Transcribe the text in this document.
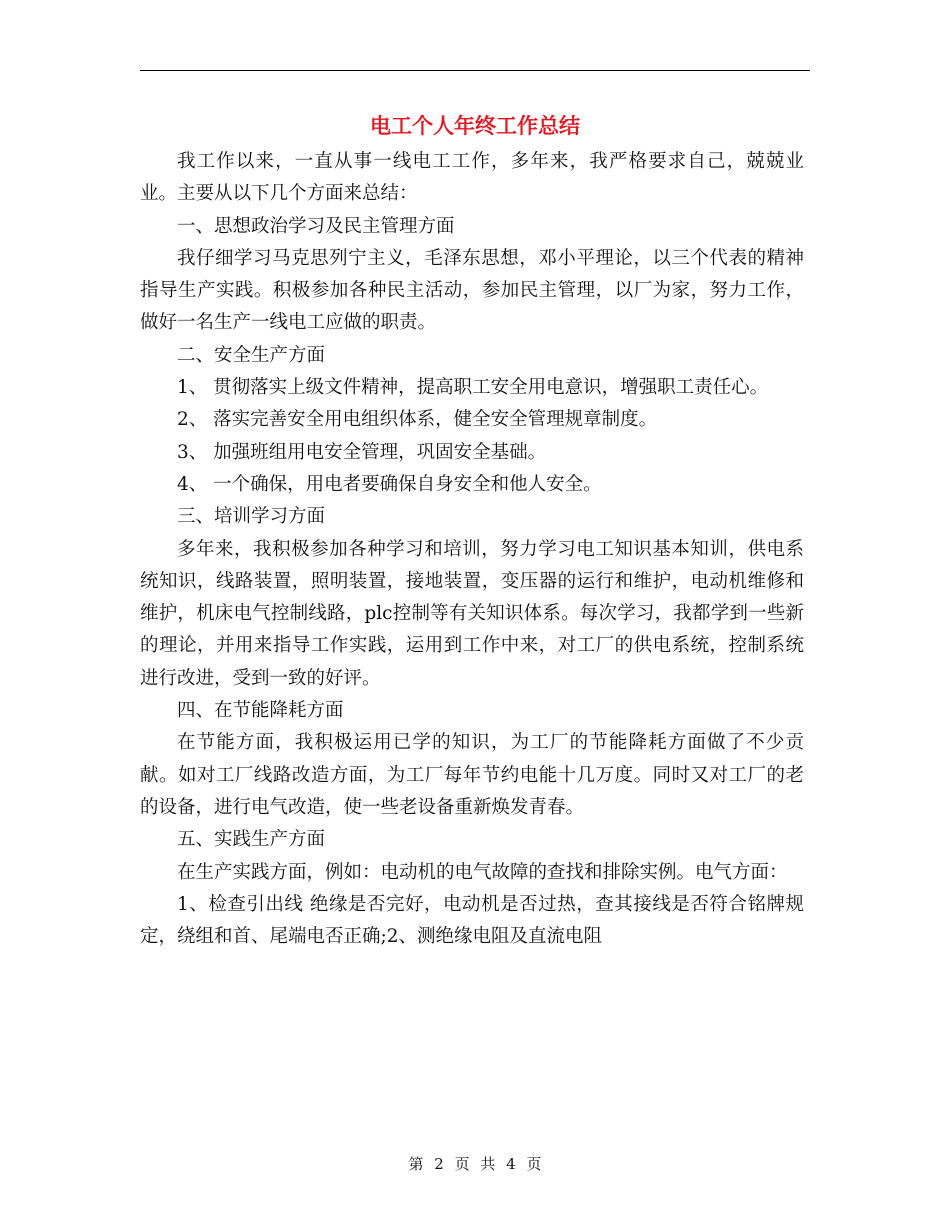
电工个人年终工作总结

我工作以来，一直从事一线电工工作，多年来，我严格要求自己，兢兢业业。主要从以下几个方面来总结：

一、思想政治学习及民主管理方面

我仔细学习马克思列宁主义，毛泽东思想，邓小平理论，以三个代表的精神指导生产实践。积极参加各种民主活动，参加民主管理，以厂为家，努力工作，做好一名生产一线电工应做的职责。

二、安全生产方面

1、 贯彻落实上级文件精神，提高职工安全用电意识，增强职工责任心。

2、 落实完善安全用电组织体系，健全安全管理规章制度。

3、 加强班组用电安全管理，巩固安全基础。

4、 一个确保，用电者要确保自身安全和他人安全。

三、培训学习方面

多年来，我积极参加各种学习和培训，努力学习电工知识基本知训，供电系统知识，线路装置，照明装置，接地装置，变压器的运行和维护，电动机维修和维护，机床电气控制线路，plc控制等有关知识体系。每次学习，我都学到一些新的理论，并用来指导工作实践，运用到工作中来，对工厂的供电系统，控制系统进行改进，受到一致的好评。

四、在节能降耗方面

在节能方面，我积极运用已学的知识，为工厂的节能降耗方面做了不少贡献。如对工厂线路改造方面，为工厂每年节约电能十几万度。同时又对工厂的老的设备，进行电气改造，使一些老设备重新焕发青春。

五、实践生产方面

在生产实践方面，例如：电动机的电气故障的查找和排除实例。电气方面：

1、检查引出线 绝缘是否完好，电动机是否过热，查其接线是否符合铭牌规定，绕组和首、尾端电否正确;2、测绝缘电阻及直流电阻

第 2 页 共 4 页
